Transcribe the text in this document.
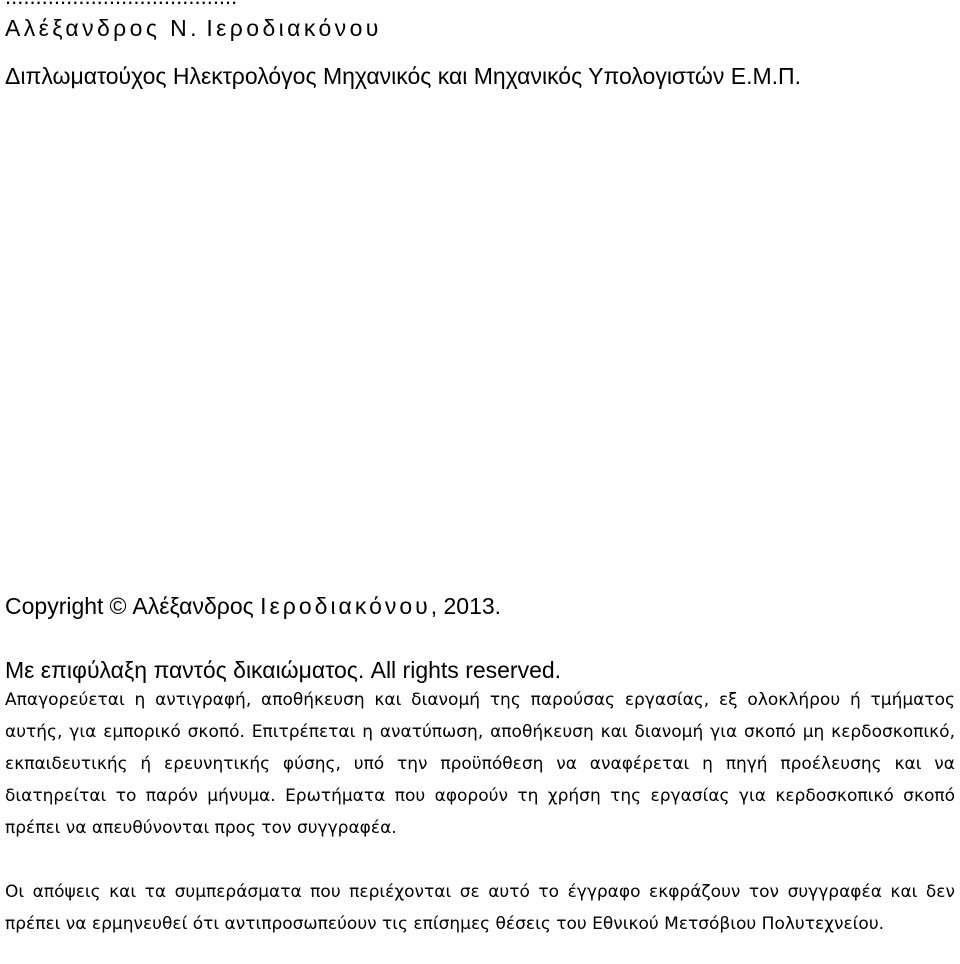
Αλέξανδρος Ν. Ιεροδιακόνου
Διπλωματούχος Ηλεκτρολόγος Μηχανικός και Μηχανικός Υπολογιστών Ε.Μ.Π.
Copyright © Αλέξανδρος Ιεροδιακόνου, 2013.
Με επιφύλαξη παντός δικαιώματος. All rights reserved.
Απαγορεύεται η αντιγραφή, αποθήκευση και διανομή της παρούσας εργασίας, εξ ολοκλήρου ή τμήματος αυτής, για εμπορικό σκοπό. Επιτρέπεται η ανατύπωση, αποθήκευση και διανομή για σκοπό μη κερδοσκοπικό, εκπαιδευτικής ή ερευνητικής φύσης, υπό την προϋπόθεση να αναφέρεται η πηγή προέλευσης και να διατηρείται το παρόν μήνυμα. Ερωτήματα που αφορούν τη χρήση της εργασίας για κερδοσκοπικό σκοπό πρέπει να απευθύνονται προς τον συγγραφέα.
Οι απόψεις και τα συμπεράσματα που περιέχονται σε αυτό το έγγραφο εκφράζουν τον συγγραφέα και δεν πρέπει να ερμηνευθεί ότι αντιπροσωπεύουν τις επίσημες θέσεις του Εθνικού Μετσόβιου Πολυτεχνείου.
